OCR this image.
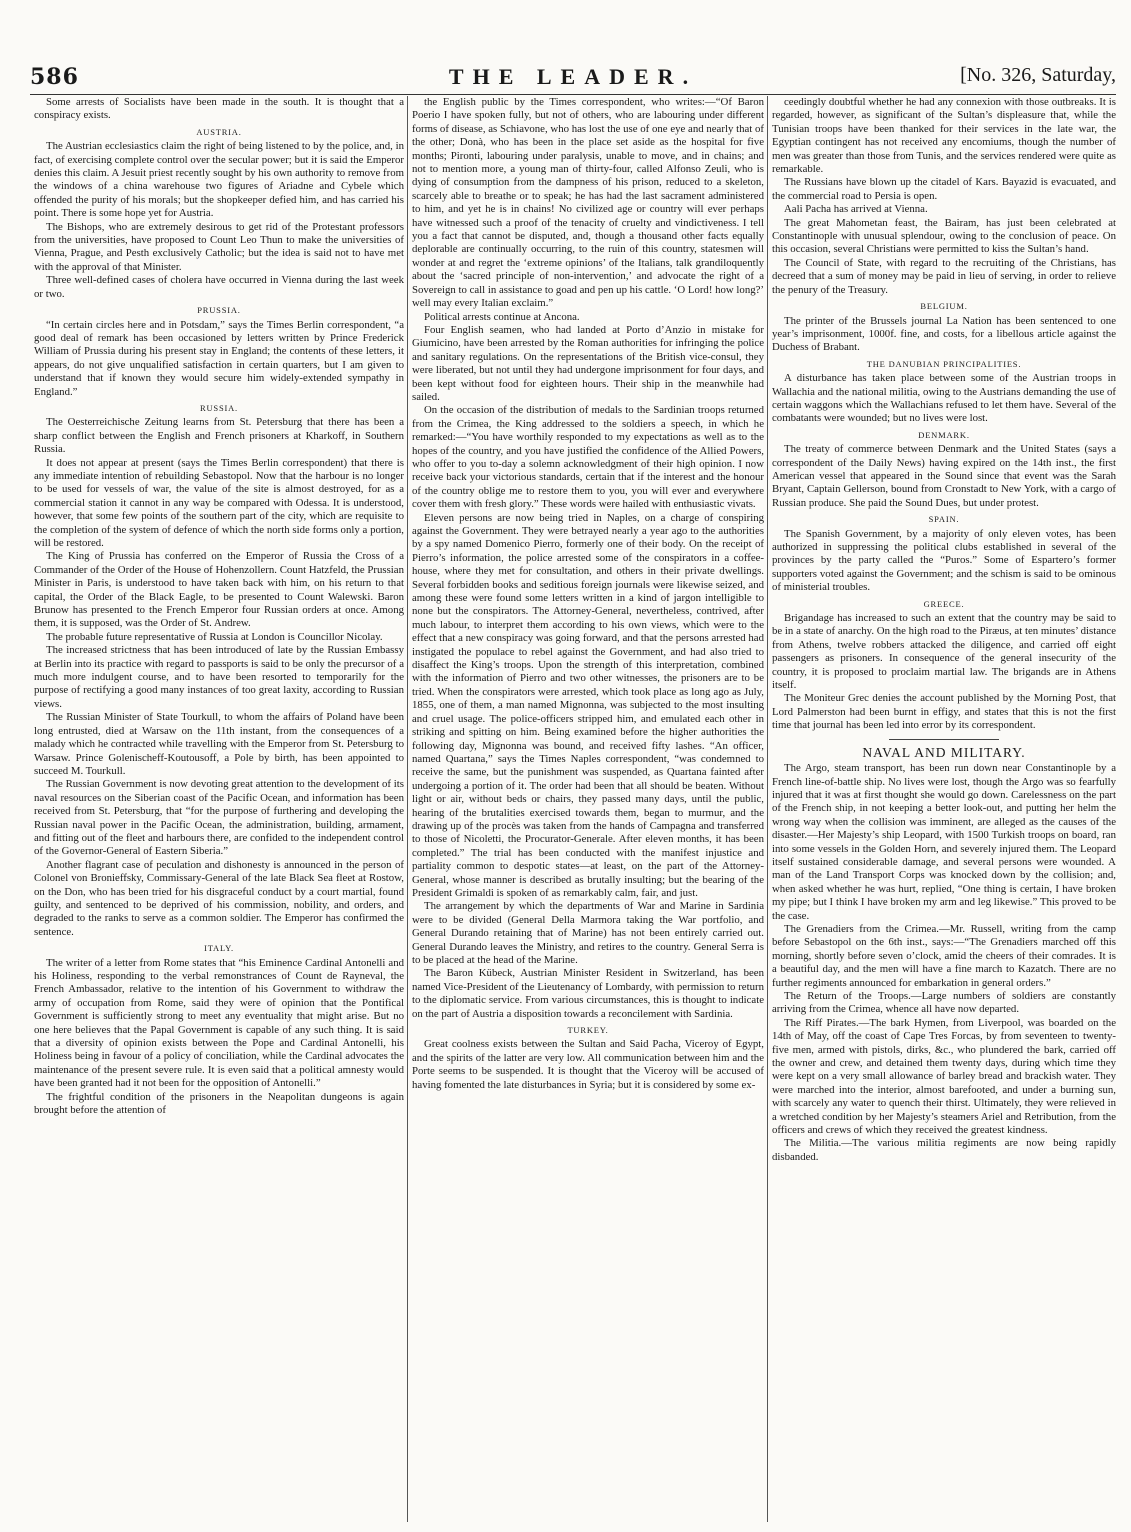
586	THE LEADER.	[No. 326, Saturday,

Some arrests of Socialists have been made in the south. It is thought that a conspiracy exists.

AUSTRIA.

The Austrian ecclesiastics claim the right of being listened to by the police, and, in fact, of exercising complete control over the secular power; but it is said the Emperor denies this claim. A Jesuit priest recently sought by his own authority to remove from the windows of a china warehouse two figures of Ariadne and Cybele which offended the purity of his morals; but the shopkeeper defied him, and has carried his point. There is some hope yet for Austria.

The Bishops, who are extremely desirous to get rid of the Protestant professors from the universities, have proposed to Count Leo Thun to make the universities of Vienna, Prague, and Pesth exclusively Catholic; but the idea is said not to have met with the approval of that Minister.

Three well-defined cases of cholera have occurred in Vienna during the last week or two.

PRUSSIA.

“In certain circles here and in Potsdam,” says the Times Berlin correspondent, “a good deal of remark has been occasioned by letters written by Prince Frederick William of Prussia during his present stay in England; the contents of these letters, it appears, do not give unqualified satisfaction in certain quarters, but I am given to understand that if known they would secure him widely-extended sympathy in England.”

RUSSIA.

The Oesterreichische Zeitung learns from St. Petersburg that there has been a sharp conflict between the English and French prisoners at Kharkoff, in Southern Russia.

It does not appear at present (says the Times Berlin correspondent) that there is any immediate intention of rebuilding Sebastopol. Now that the harbour is no longer to be used for vessels of war, the value of the site is almost destroyed, for as a commercial station it cannot in any way be compared with Odessa. It is understood, however, that some few points of the southern part of the city, which are requisite to the completion of the system of defence of which the north side forms only a portion, will be restored.

The King of Prussia has conferred on the Emperor of Russia the Cross of a Commander of the Order of the House of Hohenzollern. Count Hatzfeld, the Prussian Minister in Paris, is understood to have taken back with him, on his return to that capital, the Order of the Black Eagle, to be presented to Count Walewski. Baron Brunow has presented to the French Emperor four Russian orders at once. Among them, it is supposed, was the Order of St. Andrew.

The probable future representative of Russia at London is Councillor Nicolay.

The increased strictness that has been introduced of late by the Russian Embassy at Berlin into its practice with regard to passports is said to be only the precursor of a much more indulgent course, and to have been resorted to temporarily for the purpose of rectifying a good many instances of too great laxity, according to Russian views.

The Russian Minister of State Tourkull, to whom the affairs of Poland have been long entrusted, died at Warsaw on the 11th instant, from the consequences of a malady which he contracted while travelling with the Emperor from St. Petersburg to Warsaw. Prince Golenischeff-Koutousoff, a Pole by birth, has been appointed to succeed M. Tourkull.

The Russian Government is now devoting great attention to the development of its naval resources on the Siberian coast of the Pacific Ocean, and information has been received from St. Petersburg, that “for the purpose of furthering and developing the Russian naval power in the Pacific Ocean, the administration, building, armament, and fitting out of the fleet and harbours there, are confided to the independent control of the Governor-General of Eastern Siberia.”

Another flagrant case of peculation and dishonesty is announced in the person of Colonel von Bronieffsky, Commissary-General of the late Black Sea fleet at Rostow, on the Don, who has been tried for his disgraceful conduct by a court martial, found guilty, and sentenced to be deprived of his commission, nobility, and orders, and degraded to the ranks to serve as a common soldier. The Emperor has confirmed the sentence.

ITALY.

The writer of a letter from Rome states that “his Eminence Cardinal Antonelli and his Holiness, responding to the verbal remonstrances of Count de Rayneval, the French Ambassador, relative to the intention of his Government to withdraw the army of occupation from Rome, said they were of opinion that the Pontifical Government is sufficiently strong to meet any eventuality that might arise. But no one here believes that the Papal Government is capable of any such thing. It is said that a diversity of opinion exists between the Pope and Cardinal Antonelli, his Holiness being in favour of a policy of conciliation, while the Cardinal advocates the maintenance of the present severe rule. It is even said that a political amnesty would have been granted had it not been for the opposition of Antonelli.”

The frightful condition of the prisoners in the Neapolitan dungeons is again brought before the attention of

the English public by the Times correspondent, who writes:—“Of Baron Poerio I have spoken fully, but not of others, who are labouring under different forms of disease, as Schiavone, who has lost the use of one eye and nearly that of the other; Donà, who has been in the place set aside as the hospital for five months; Pironti, labouring under paralysis, unable to move, and in chains; and not to mention more, a young man of thirty-four, called Alfonso Zeuli, who is dying of consumption from the dampness of his prison, reduced to a skeleton, scarcely able to breathe or to speak; he has had the last sacrament administered to him, and yet he is in chains! No civilized age or country will ever perhaps have witnessed such a proof of the tenacity of cruelty and vindictiveness. I tell you a fact that cannot be disputed, and, though a thousand other facts equally deplorable are continually occurring, to the ruin of this country, statesmen will wonder at and regret the ‘extreme opinions’ of the Italians, talk grandiloquently about the ‘sacred principle of non-intervention,’ and advocate the right of a Sovereign to call in assistance to goad and pen up his cattle. ‘O Lord! how long?’ well may every Italian exclaim.”

Political arrests continue at Ancona.

Four English seamen, who had landed at Porto d’Anzio in mistake for Giumicino, have been arrested by the Roman authorities for infringing the police and sanitary regulations. On the representations of the British vice-consul, they were liberated, but not until they had undergone imprisonment for four days, and been kept without food for eighteen hours. Their ship in the meanwhile had sailed.

On the occasion of the distribution of medals to the Sardinian troops returned from the Crimea, the King addressed to the soldiers a speech, in which he remarked:—“You have worthily responded to my expectations as well as to the hopes of the country, and you have justified the confidence of the Allied Powers, who offer to you to-day a solemn acknowledgment of their high opinion. I now receive back your victorious standards, certain that if the interest and the honour of the country oblige me to restore them to you, you will ever and everywhere cover them with fresh glory.” These words were hailed with enthusiastic vivats.

Eleven persons are now being tried in Naples, on a charge of conspiring against the Government. They were betrayed nearly a year ago to the authorities by a spy named Domenico Pierro, formerly one of their body. On the receipt of Pierro’s information, the police arrested some of the conspirators in a coffee-house, where they met for consultation, and others in their private dwellings. Several forbidden books and seditious foreign journals were likewise seized, and among these were found some letters written in a kind of jargon intelligible to none but the conspirators. The Attorney-General, nevertheless, contrived, after much labour, to interpret them according to his own views, which were to the effect that a new conspiracy was going forward, and that the persons arrested had instigated the populace to rebel against the Government, and had also tried to disaffect the King’s troops. Upon the strength of this interpretation, combined with the information of Pierro and two other witnesses, the prisoners are to be tried. When the conspirators were arrested, which took place as long ago as July, 1855, one of them, a man named Mignonna, was subjected to the most insulting and cruel usage. The police-officers stripped him, and emulated each other in striking and spitting on him. Being examined before the higher authorities the following day, Mignonna was bound, and received fifty lashes. “An officer, named Quartana,” says the Times Naples correspondent, “was condemned to receive the same, but the punishment was suspended, as Quartana fainted after undergoing a portion of it. The order had been that all should be beaten. Without light or air, without beds or chairs, they passed many days, until the public, hearing of the brutalities exercised towards them, began to murmur, and the drawing up of the procès was taken from the hands of Campagna and transferred to those of Nicoletti, the Procurator-Generale. After eleven months, it has been completed.” The trial has been conducted with the manifest injustice and partiality common to despotic states—at least, on the part of the Attorney-General, whose manner is described as brutally insulting; but the bearing of the President Grimaldi is spoken of as remarkably calm, fair, and just.

The arrangement by which the departments of War and Marine in Sardinia were to be divided (General Della Marmora taking the War portfolio, and General Durando retaining that of Marine) has not been entirely carried out. General Durando leaves the Ministry, and retires to the country. General Serra is to be placed at the head of the Marine.

The Baron Kübeck, Austrian Minister Resident in Switzerland, has been named Vice-President of the Lieutenancy of Lombardy, with permission to return to the diplomatic service. From various circumstances, this is thought to indicate on the part of Austria a disposition towards a reconcilement with Sardinia.

TURKEY.

Great coolness exists between the Sultan and Said Pacha, Viceroy of Egypt, and the spirits of the latter are very low. All communication between him and the Porte seems to be suspended. It is thought that the Viceroy will be accused of having fomented the late disturbances in Syria; but it is considered by some ex-

ceedingly doubtful whether he had any connexion with those outbreaks. It is regarded, however, as significant of the Sultan’s displeasure that, while the Tunisian troops have been thanked for their services in the late war, the Egyptian contingent has not received any encomiums, though the number of men was greater than those from Tunis, and the services rendered were quite as remarkable.

The Russians have blown up the citadel of Kars. Bayazid is evacuated, and the commercial road to Persia is open.

Aali Pacha has arrived at Vienna.

The great Mahometan feast, the Bairam, has just been celebrated at Constantinople with unusual splendour, owing to the conclusion of peace. On this occasion, several Christians were permitted to kiss the Sultan’s hand.

The Council of State, with regard to the recruiting of the Christians, has decreed that a sum of money may be paid in lieu of serving, in order to relieve the penury of the Treasury.

BELGIUM.

The printer of the Brussels journal La Nation has been sentenced to one year’s imprisonment, 1000f. fine, and costs, for a libellous article against the Duchess of Brabant.

THE DANUBIAN PRINCIPALITIES.

A disturbance has taken place between some of the Austrian troops in Wallachia and the national militia, owing to the Austrians demanding the use of certain waggons which the Wallachians refused to let them have. Several of the combatants were wounded; but no lives were lost.

DENMARK.

The treaty of commerce between Denmark and the United States (says a correspondent of the Daily News) having expired on the 14th inst., the first American vessel that appeared in the Sound since that event was the Sarah Bryant, Captain Gellerson, bound from Cronstadt to New York, with a cargo of Russian produce. She paid the Sound Dues, but under protest.

SPAIN.

The Spanish Government, by a majority of only eleven votes, has been authorized in suppressing the political clubs established in several of the provinces by the party called the “Puros.” Some of Espartero’s former supporters voted against the Government; and the schism is said to be ominous of ministerial troubles.

GREECE.

Brigandage has increased to such an extent that the country may be said to be in a state of anarchy. On the high road to the Piræus, at ten minutes’ distance from Athens, twelve robbers attacked the diligence, and carried off eight passengers as prisoners. In consequence of the general insecurity of the country, it is proposed to proclaim martial law. The brigands are in Athens itself.

The Moniteur Grec denies the account published by the Morning Post, that Lord Palmerston had been burnt in effigy, and states that this is not the first time that journal has been led into error by its correspondent.

NAVAL AND MILITARY.

The Argo, steam transport, has been run down near Constantinople by a French line-of-battle ship. No lives were lost, though the Argo was so fearfully injured that it was at first thought she would go down. Carelessness on the part of the French ship, in not keeping a better look-out, and putting her helm the wrong way when the collision was imminent, are alleged as the causes of the disaster.—Her Majesty’s ship Leopard, with 1500 Turkish troops on board, ran into some vessels in the Golden Horn, and severely injured them. The Leopard itself sustained considerable damage, and several persons were wounded. A man of the Land Transport Corps was knocked down by the collision; and, when asked whether he was hurt, replied, “One thing is certain, I have broken my pipe; but I think I have broken my arm and leg likewise.” This proved to be the case.

The Grenadiers from the Crimea.—Mr. Russell, writing from the camp before Sebastopol on the 6th inst., says:—“The Grenadiers marched off this morning, shortly before seven o’clock, amid the cheers of their comrades. It is a beautiful day, and the men will have a fine march to Kazatch. There are no further regiments announced for embarkation in general orders.”

The Return of the Troops.—Large numbers of soldiers are constantly arriving from the Crimea, whence all have now departed.

The Riff Pirates.—The bark Hymen, from Liverpool, was boarded on the 14th of May, off the coast of Cape Tres Forcas, by from seventeen to twenty-five men, armed with pistols, dirks, &c., who plundered the bark, carried off the owner and crew, and detained them twenty days, during which time they were kept on a very small allowance of barley bread and brackish water. They were marched into the interior, almost barefooted, and under a burning sun, with scarcely any water to quench their thirst. Ultimately, they were relieved in a wretched condition by her Majesty’s steamers Ariel and Retribution, from the officers and crews of which they received the greatest kindness.

The Militia.—The various militia regiments are now being rapidly disbanded.
